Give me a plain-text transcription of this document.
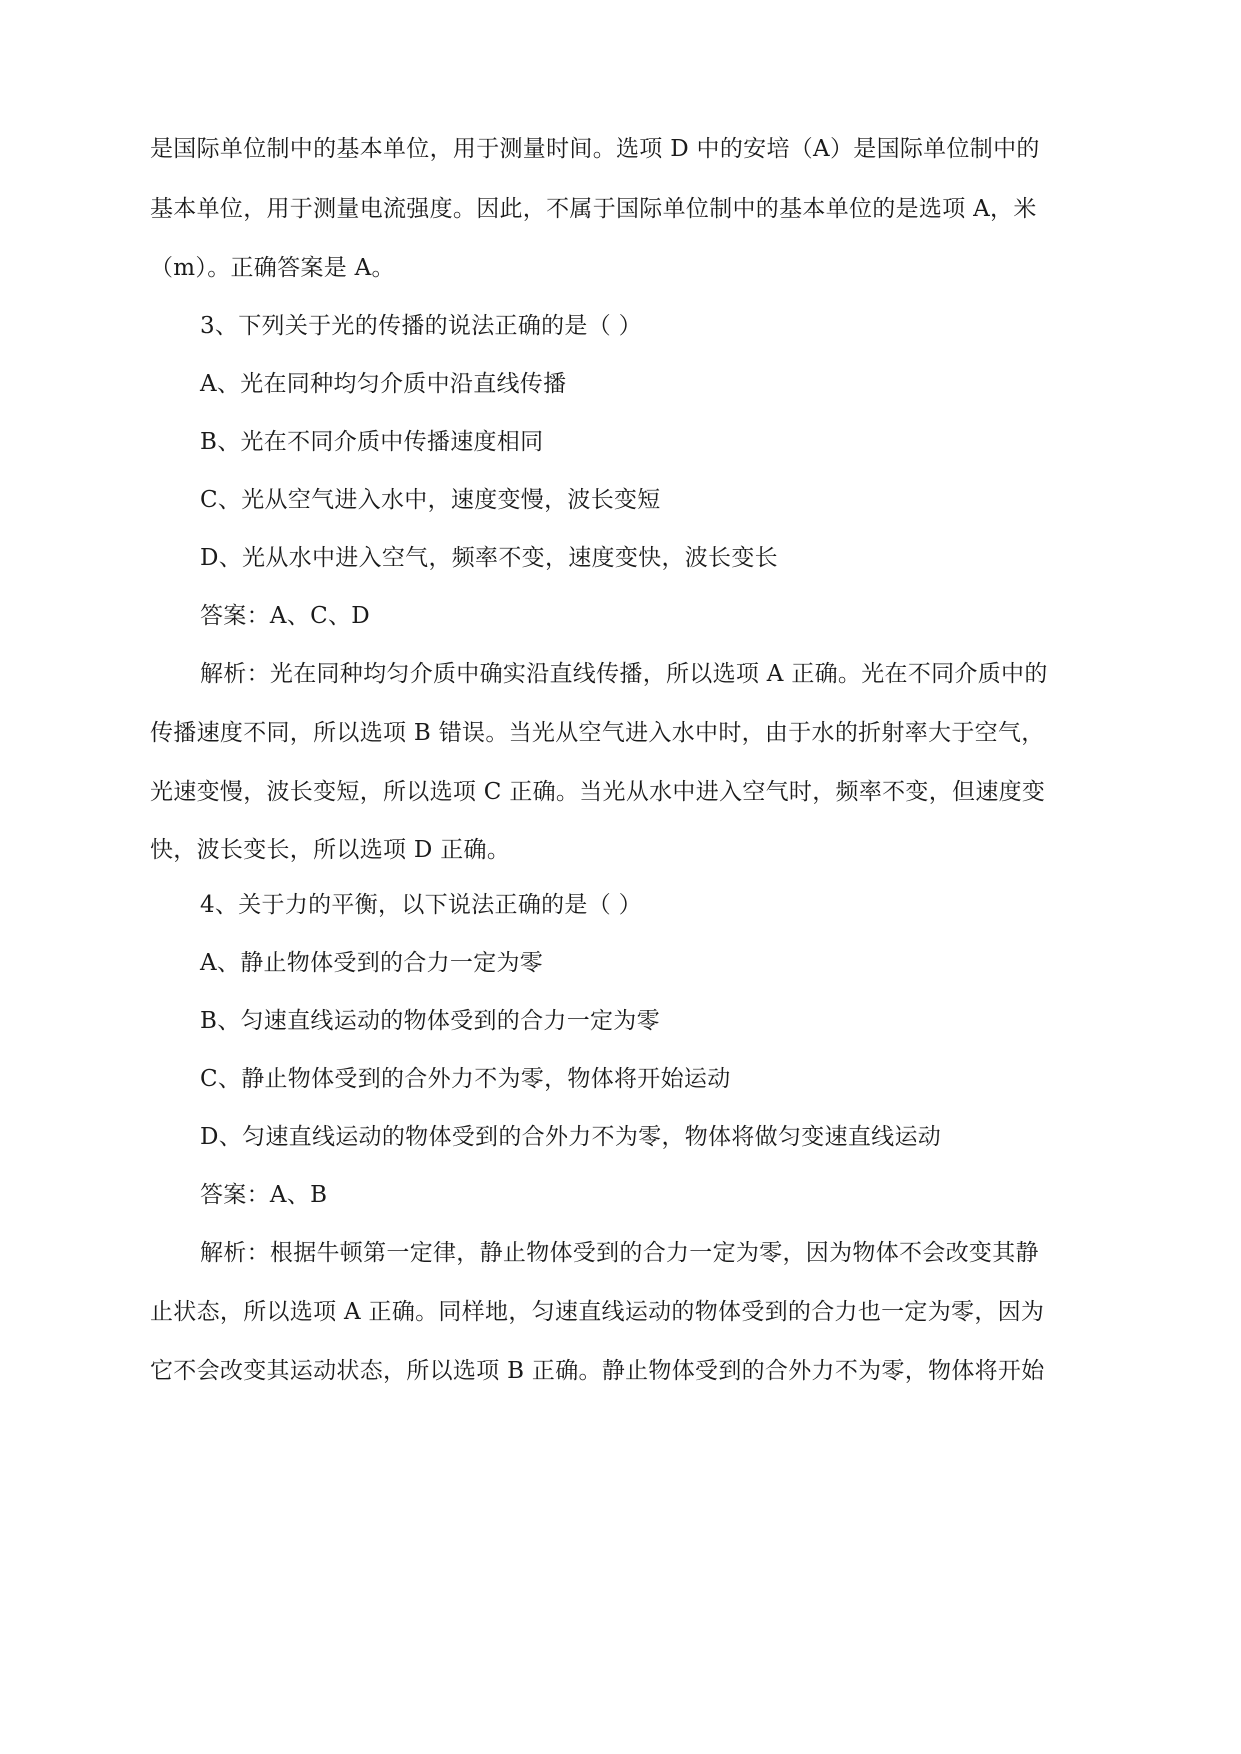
是国际单位制中的基本单位，用于测量时间。选项 D 中的安培（A）是国际单位制中的
基本单位，用于测量电流强度。因此，不属于国际单位制中的基本单位的是选项 A，米
（m）。正确答案是 A。
3、下列关于光的传播的说法正确的是（ ）
A、光在同种均匀介质中沿直线传播
B、光在不同介质中传播速度相同
C、光从空气进入水中，速度变慢，波长变短
D、光从水中进入空气，频率不变，速度变快，波长变长
答案：A、C、D
解析：光在同种均匀介质中确实沿直线传播，所以选项 A 正确。光在不同介质中的
传播速度不同，所以选项 B 错误。当光从空气进入水中时，由于水的折射率大于空气，
光速变慢，波长变短，所以选项 C 正确。当光从水中进入空气时，频率不变，但速度变
快，波长变长，所以选项 D 正确。
4、关于力的平衡，以下说法正确的是（ ）
A、静止物体受到的合力一定为零
B、匀速直线运动的物体受到的合力一定为零
C、静止物体受到的合外力不为零，物体将开始运动
D、匀速直线运动的物体受到的合外力不为零，物体将做匀变速直线运动
答案：A、B
解析：根据牛顿第一定律，静止物体受到的合力一定为零，因为物体不会改变其静
止状态，所以选项 A 正确。同样地，匀速直线运动的物体受到的合力也一定为零，因为
它不会改变其运动状态，所以选项 B 正确。静止物体受到的合外力不为零，物体将开始
